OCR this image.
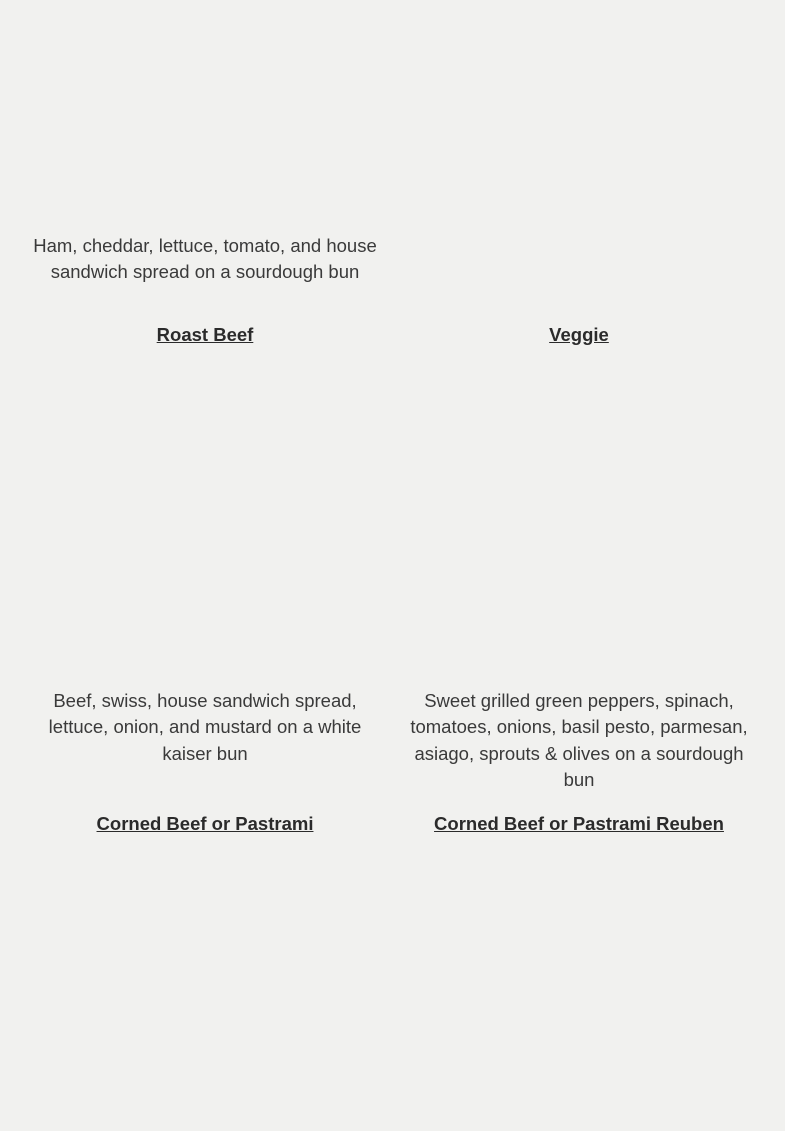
Ham, cheddar, lettuce, tomato, and house sandwich spread on a sourdough bun

Roast Beef	Veggie

Beef, swiss, house sandwich spread, lettuce, onion, and mustard on a white kaiser bun

Sweet grilled green peppers, spinach, tomatoes, onions, basil pesto, parmesan, asiago, sprouts & olives on a sourdough bun

Corned Beef or Pastrami	Corned Beef or Pastrami Reuben
